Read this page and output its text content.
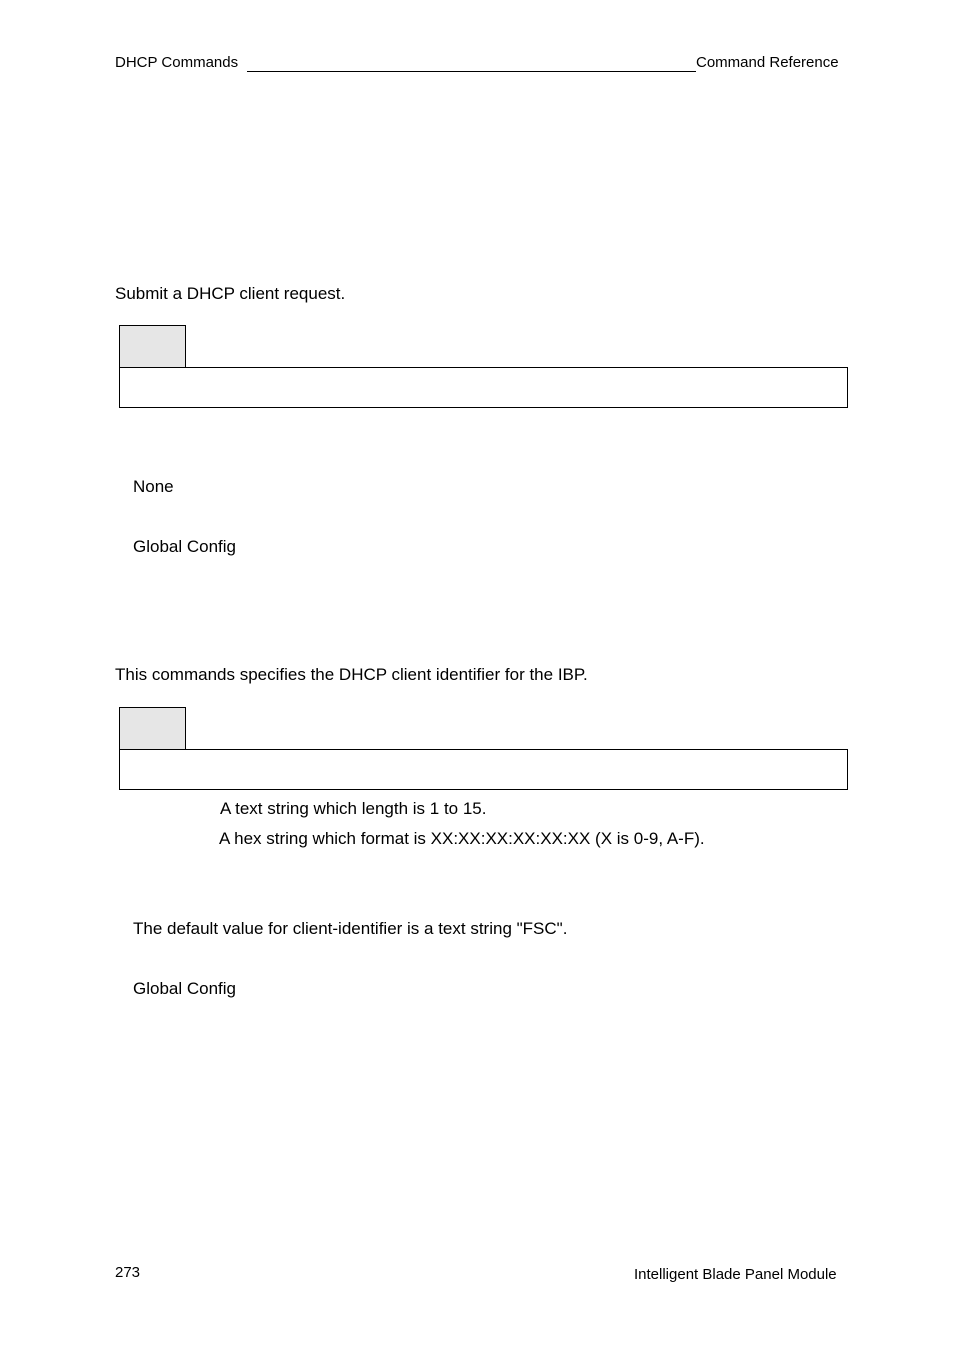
DHCP Commands	Command Reference
Submit a DHCP client request.
None
Global Config
This commands specifies the DHCP client identifier for the IBP.
A text string which length is 1 to 15.
A hex string which format is XX:XX:XX:XX:XX:XX (X is 0-9, A-F).
The default value for client-identifier is a text string "FSC".
Global Config
273	Intelligent Blade Panel Module
